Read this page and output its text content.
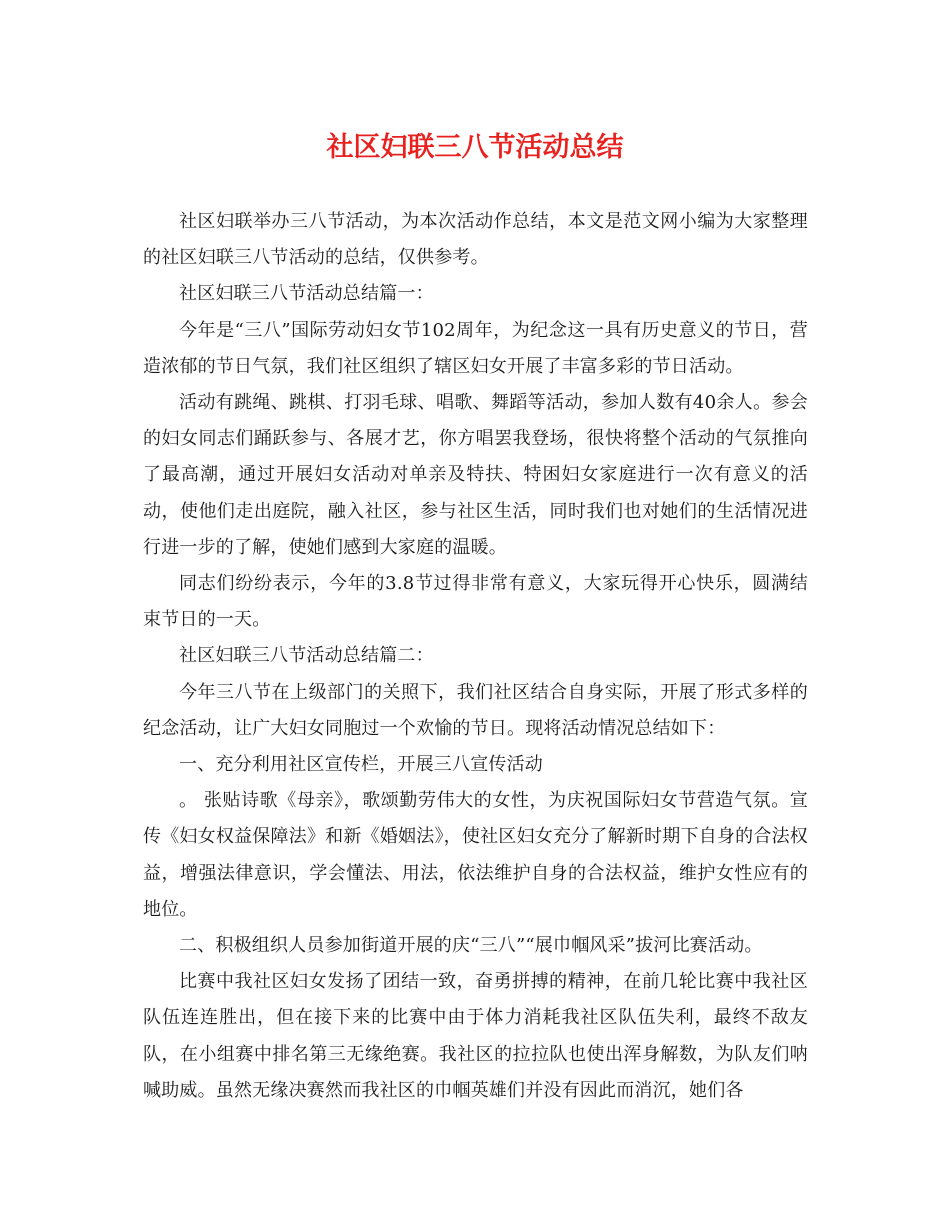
社区妇联三八节活动总结

社区妇联举办三八节活动，为本次活动作总结，本文是范文网小编为大家整理的社区妇联三八节活动的总结，仅供参考。

社区妇联三八节活动总结篇一：

今年是“三八”国际劳动妇女节102周年，为纪念这一具有历史意义的节日，营造浓郁的节日气氛，我们社区组织了辖区妇女开展了丰富多彩的节日活动。

活动有跳绳、跳棋、打羽毛球、唱歌、舞蹈等活动，参加人数有40余人。参会的妇女同志们踊跃参与、各展才艺，你方唱罢我登场，很快将整个活动的气氛推向了最高潮，通过开展妇女活动对单亲及特扶、特困妇女家庭进行一次有意义的活动，使他们走出庭院，融入社区，参与社区生活，同时我们也对她们的生活情况进行进一步的了解，使她们感到大家庭的温暖。

同志们纷纷表示，今年的3.8节过得非常有意义，大家玩得开心快乐，圆满结束节日的一天。

社区妇联三八节活动总结篇二：

今年三八节在上级部门的关照下，我们社区结合自身实际，开展了形式多样的纪念活动，让广大妇女同胞过一个欢愉的节日。现将活动情况总结如下：

一、充分利用社区宣传栏，开展三八宣传活动

。 张贴诗歌《母亲》，歌颂勤劳伟大的女性，为庆祝国际妇女节营造气氛。宣传《妇女权益保障法》和新《婚姻法》，使社区妇女充分了解新时期下自身的合法权益，增强法律意识，学会懂法、用法，依法维护自身的合法权益，维护女性应有的地位。

二、积极组织人员参加街道开展的庆“三八”“展巾帼风采”拔河比赛活动。

比赛中我社区妇女发扬了团结一致，奋勇拼搏的精神，在前几轮比赛中我社区队伍连连胜出，但在接下来的比赛中由于体力消耗我社区队伍失利，最终不敌友队，在小组赛中排名第三无缘绝赛。我社区的拉拉队也使出浑身解数，为队友们呐喊助威。虽然无缘决赛然而我社区的巾帼英雄们并没有因此而消沉，她们各
